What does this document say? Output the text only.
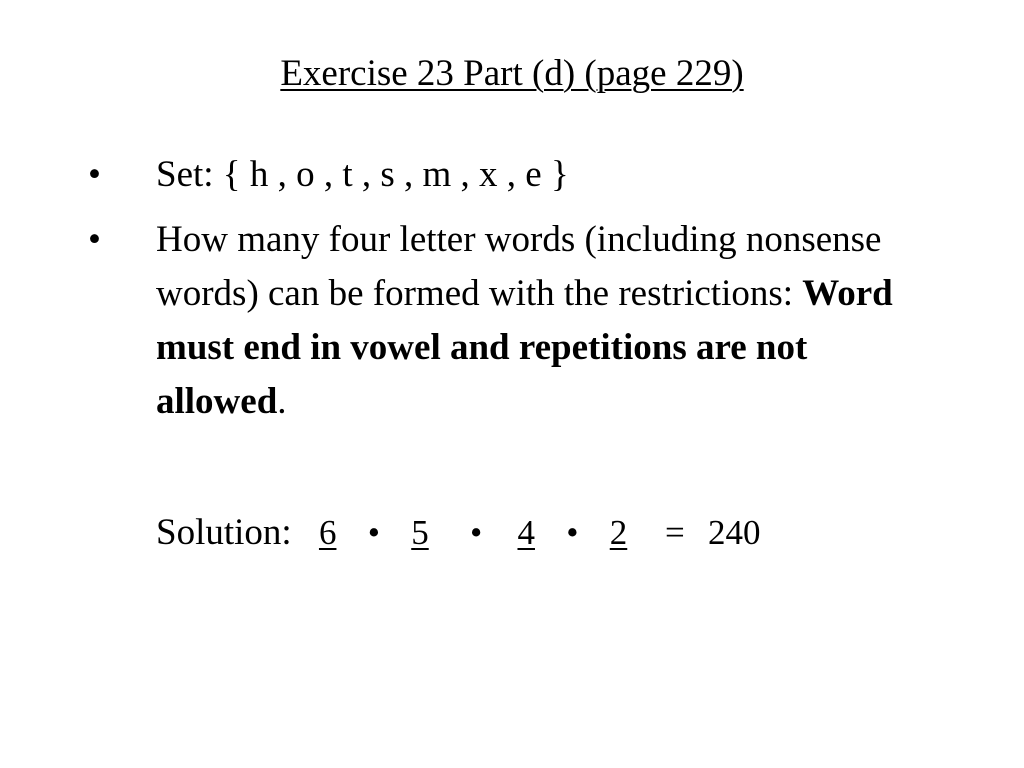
Exercise 23 Part (d) (page 229)
• Set: { h , o , t , s , m , x , e }
• How many four letter words (including nonsense words) can be formed with the restrictions: Word must end in vowel and repetitions are not allowed.
Solution: 6 • 5 • 4 • 2 = 240
